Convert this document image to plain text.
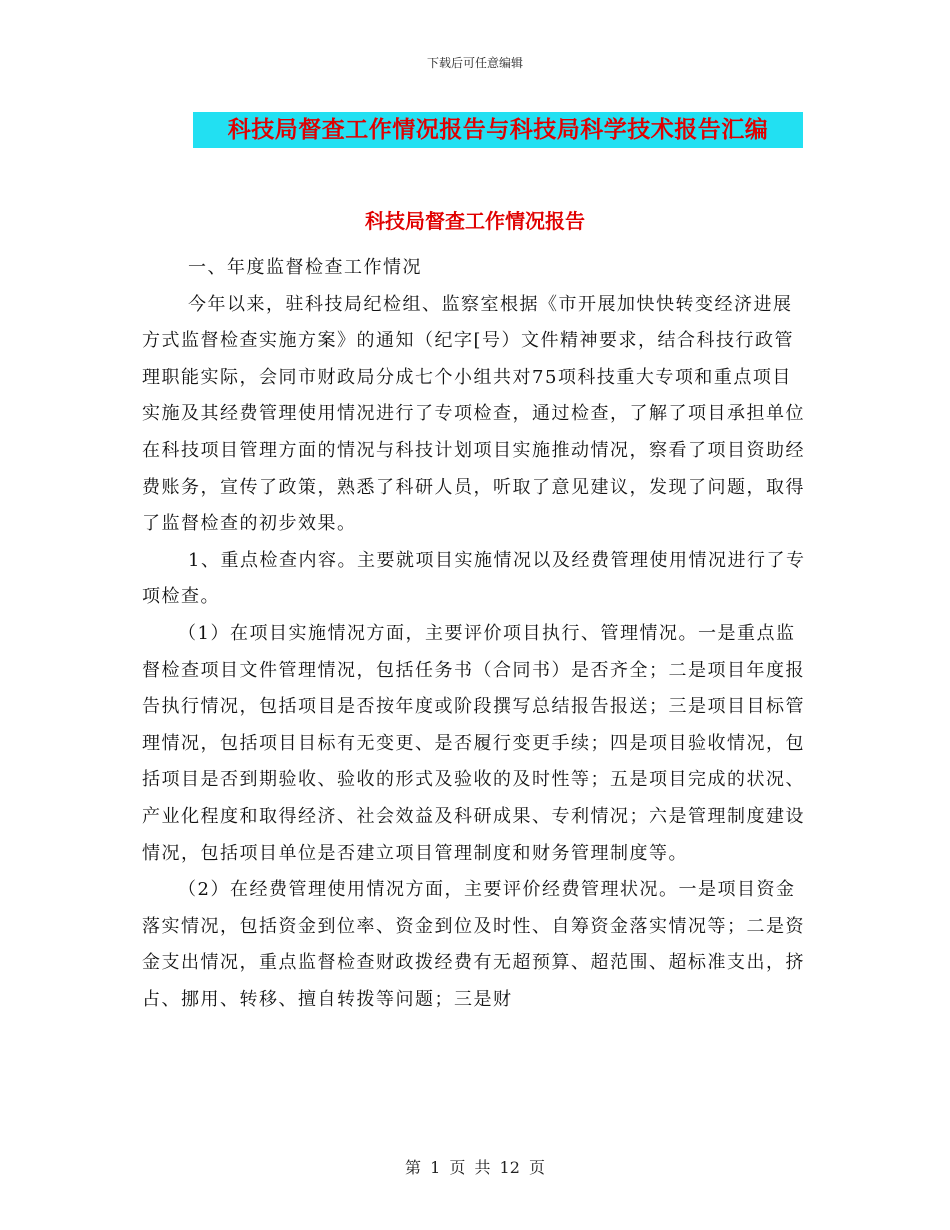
下载后可任意编辑
科技局督查工作情况报告与科技局科学技术报告汇编
科技局督查工作情况报告

一、年度监督检查工作情况

今年以来，驻科技局纪检组、监察室根据《市开展加快快转变经济进展方式监督检查实施方案》的通知（纪字[号）文件精神要求，结合科技行政管理职能实际，会同市财政局分成七个小组共对75项科技重大专项和重点项目实施及其经费管理使用情况进行了专项检查，通过检查，了解了项目承担单位在科技项目管理方面的情况与科技计划项目实施推动情况，察看了项目资助经费账务，宣传了政策，熟悉了科研人员，听取了意见建议，发现了问题，取得了监督检查的初步效果。

1、重点检查内容。主要就项目实施情况以及经费管理使用情况进行了专项检查。

（1）在项目实施情况方面，主要评价项目执行、管理情况。一是重点监督检查项目文件管理情况，包括任务书（合同书）是否齐全；二是项目年度报告执行情况，包括项目是否按年度或阶段撰写总结报告报送；三是项目目标管理情况，包括项目目标有无变更、是否履行变更手续；四是项目验收情况，包括项目是否到期验收、验收的形式及验收的及时性等；五是项目完成的状况、产业化程度和取得经济、社会效益及科研成果、专利情况；六是管理制度建设情况，包括项目单位是否建立项目管理制度和财务管理制度等。

（2）在经费管理使用情况方面，主要评价经费管理状况。一是项目资金落实情况，包括资金到位率、资金到位及时性、自筹资金落实情况等；二是资金支出情况，重点监督检查财政拨经费有无超预算、超范围、超标准支出，挤占、挪用、转移、擅自转拨等问题；三是财

第 1 页 共 12 页
